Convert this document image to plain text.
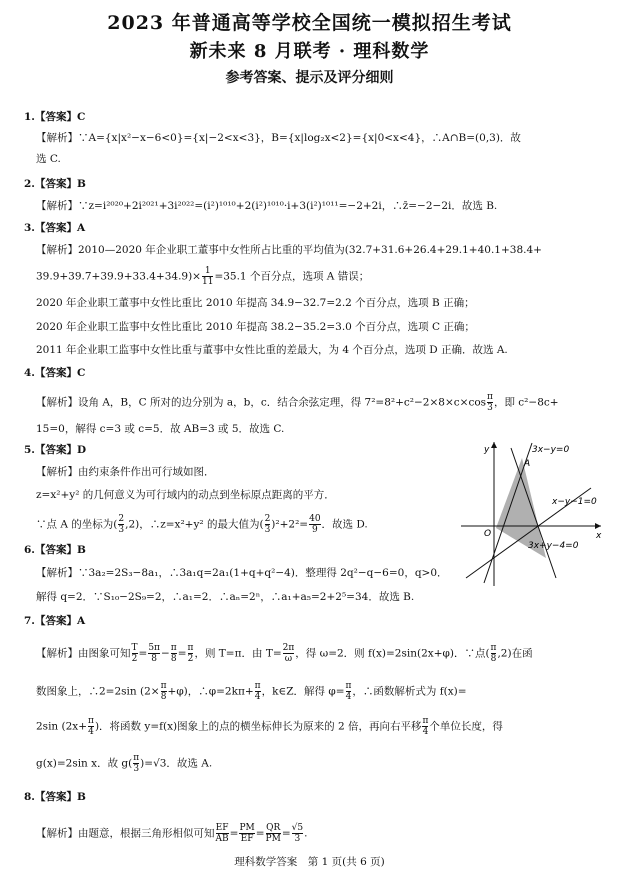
2023 年普通高等学校全国统一模拟招生考试
新未来 8 月联考 · 理科数学
参考答案、提示及评分细则
1.【答案】C
【解析】∵A={x|x²−x−6<0}={x|−2<x<3}，B={x|log₂x<2}={x|0<x<4}，∴A∩B=(0,3)．故
选 C.
2.【答案】B
【解析】∵z=i²⁰²⁰+2i²⁰²¹+3i²⁰²²=(i²)¹⁰¹⁰+2(i²)¹⁰¹⁰·i+3(i²)¹⁰¹¹=−2+2i，∴z̄=−2−2i．故选 B.
3.【答案】A
【解析】2010—2020 年企业职工董事中女性所占比重的平均值为(32.7+31.6+26.4+29.1+40.1+38.4+
$39.9+39.7+39.9+33.4+34.9)\times \frac{1}{11} =35.1$ 个百分点，选项 A 错误；
2020 年企业职工董事中女性比重比 2010 年提高 34.9−32.7=2.2 个百分点，选项 B 正确；
2020 年企业职工监事中女性比重比 2010 年提高 38.2−35.2=3.0 个百分点，选项 C 正确；
2011 年企业职工监事中女性比重与董事中女性比重的差最大，为 4 个百分点，选项 D 正确．故选 A.
4.【答案】C
【解析】设角 A，B，C 所对的边分别为 a，b，c．结合余弦定理，得 $7^2=8^2+c^2-2\times 8\times c\times\cos \frac{\pi}{3}$ ，即 c²−8c+
15=0，解得 c=3 或 c=5．故 AB=3 或 5．故选 C.
5.【答案】D
【解析】由约束条件作出可行域如图．
z=x²+y² 的几何意义为可行域内的动点到坐标原点距离的平方．
∵点 A 的坐标为( $\frac{2}{3} ,2$)，∴z=x²+y² 的最大值为( $\frac{2}{3} )^2+2^2= \frac{40}{9}$ ．故选 D.
y
x
O
A
3x−y=0
x−y−1=0
3x+y−4=0
6.【答案】B
【解析】∵3a₂=2S₃−8a₁，∴3a₁q=2a₁(1+q+q²−4)．整理得 2q²−q−6=0，q>0．
解得 q=2．∵S₁₀−2S₉=2，∴a₁=2．∴aₙ=2ⁿ，∴a₁+a₅=2+2⁵=34．故选 B.
7.【答案】A
【解析】由图象可知 $\frac{T}{2} = \frac{5\pi}{8} - \frac{\pi}{8} = \frac{\pi}{2}$ ，则 T=π．由 $T= \frac{2\pi}{\omega}$ ，得 ω=2．则 f(x)=2sin(2x+φ)．∵点( $\frac{\pi}{8} ,2$)在函
数图象上，∴2=2sin $(2\times \frac{\pi}{8} +\varphi)$，∴φ=2kπ+ $\frac{\pi}{4}$ ，k∈Z．解得 $\varphi= \frac{\pi}{4}$ ，∴函数解析式为 f(x)=
2sin ($2x+ \frac{\pi}{4}$ )．将函数 y=f(x)图象上的点的横坐标伸长为原来的 2 倍，再向右平移 $\frac{\pi}{4}$ 个单位长度，得
g(x)=2sin x．故 $g( \frac{\pi}{3} )=√3$．故选 A.
8.【答案】B
【解析】由题意，根据三角形相似可知 $\frac{EF}{AB} = \frac{PM}{EF} = \frac{QR}{PM} = \frac{√5}{3}$ .
理科数学答案　第 1 页(共 6 页)
